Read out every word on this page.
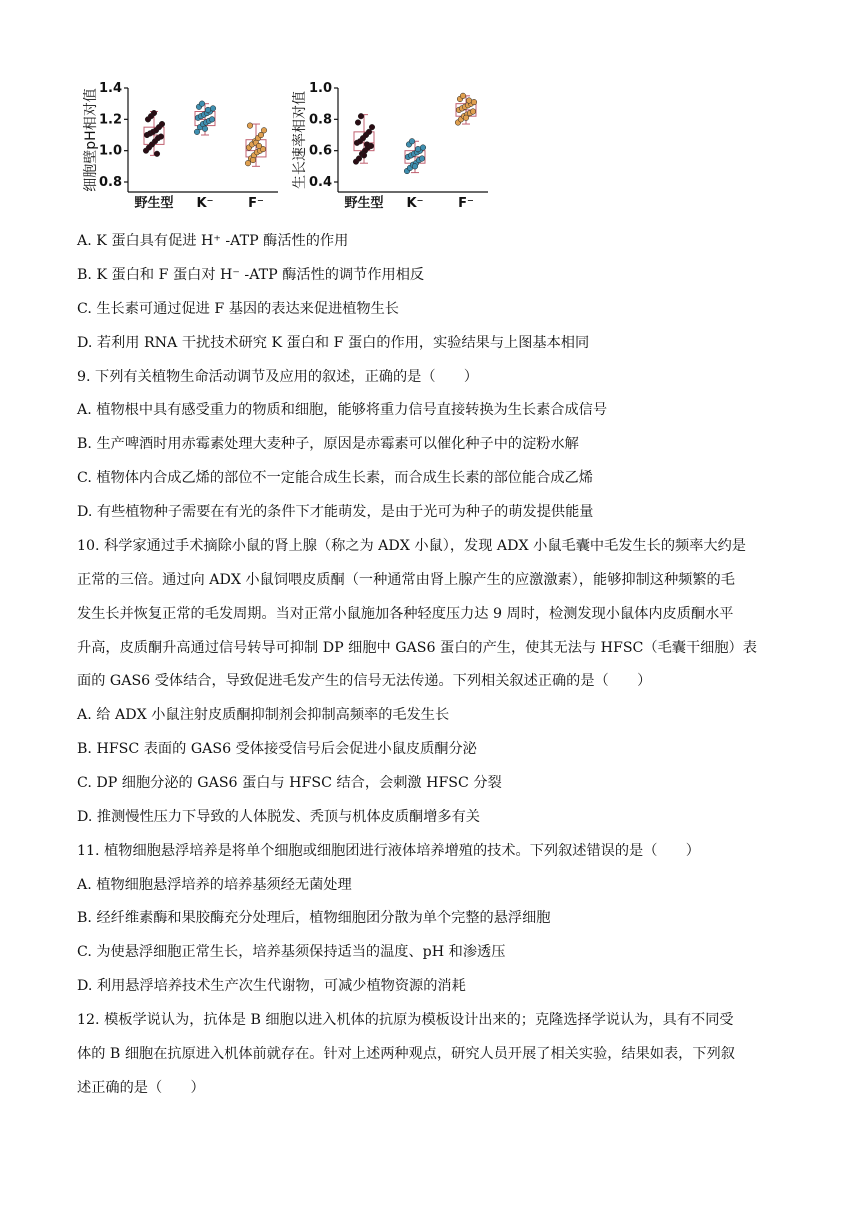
细胞壁pH相对值 1.4
1.2
1.0
0.8
野生型 K⁻	F⁻
生长速率相对值
1.0
0.8
0.6
0.4
野生型 K⁻	F⁻
A. K 蛋白具有促进 H⁺ -ATP 酶活性的作用
B. K 蛋白和 F 蛋白对 H⁻ -ATP 酶活性的调节作用相反
C. 生长素可通过促进 F 基因的表达来促进植物生长
D. 若利用 RNA 干扰技术研究 K 蛋白和 F 蛋白的作用，实验结果与上图基本相同
9. 下列有关植物生命活动调节及应用的叙述，正确的是（　　）
A. 植物根中具有感受重力的物质和细胞，能够将重力信号直接转换为生长素合成信号
B. 生产啤酒时用赤霉素处理大麦种子，原因是赤霉素可以催化种子中的淀粉水解
C. 植物体内合成乙烯的部位不一定能合成生长素，而合成生长素的部位能合成乙烯
D. 有些植物种子需要在有光的条件下才能萌发，是由于光可为种子的萌发提供能量
10. 科学家通过手术摘除小鼠的肾上腺（称之为 ADX 小鼠），发现 ADX 小鼠毛囊中毛发生长的频率大约是
正常的三倍。通过向 ADX 小鼠饲喂皮质酮（一种通常由肾上腺产生的应激激素），能够抑制这种频繁的毛
发生长并恢复正常的毛发周期。当对正常小鼠施加各种轻度压力达 9 周时，检测发现小鼠体内皮质酮水平
升高，皮质酮升高通过信号转导可抑制 DP 细胞中 GAS6 蛋白的产生，使其无法与 HFSC（毛囊干细胞）表
面的 GAS6 受体结合，导致促进毛发产生的信号无法传递。下列相关叙述正确的是（　　）
A. 给 ADX 小鼠注射皮质酮抑制剂会抑制高频率的毛发生长
B. HFSC 表面的 GAS6 受体接受信号后会促进小鼠皮质酮分泌
C. DP 细胞分泌的 GAS6 蛋白与 HFSC 结合，会刺激 HFSC 分裂
D. 推测慢性压力下导致的人体脱发、秃顶与机体皮质酮增多有关
11. 植物细胞悬浮培养是将单个细胞或细胞团进行液体培养增殖的技术。下列叙述错误的是（　　）
A. 植物细胞悬浮培养的培养基须经无菌处理
B. 经纤维素酶和果胶酶充分处理后，植物细胞团分散为单个完整的悬浮细胞
C. 为使悬浮细胞正常生长，培养基须保持适当的温度、pH 和渗透压
D. 利用悬浮培养技术生产次生代谢物，可减少植物资源的消耗
12. 模板学说认为，抗体是 B 细胞以进入机体的抗原为模板设计出来的；克隆选择学说认为，具有不同受
体的 B 细胞在抗原进入机体前就存在。针对上述两种观点，研究人员开展了相关实验，结果如表，下列叙
述正确的是（　　）
